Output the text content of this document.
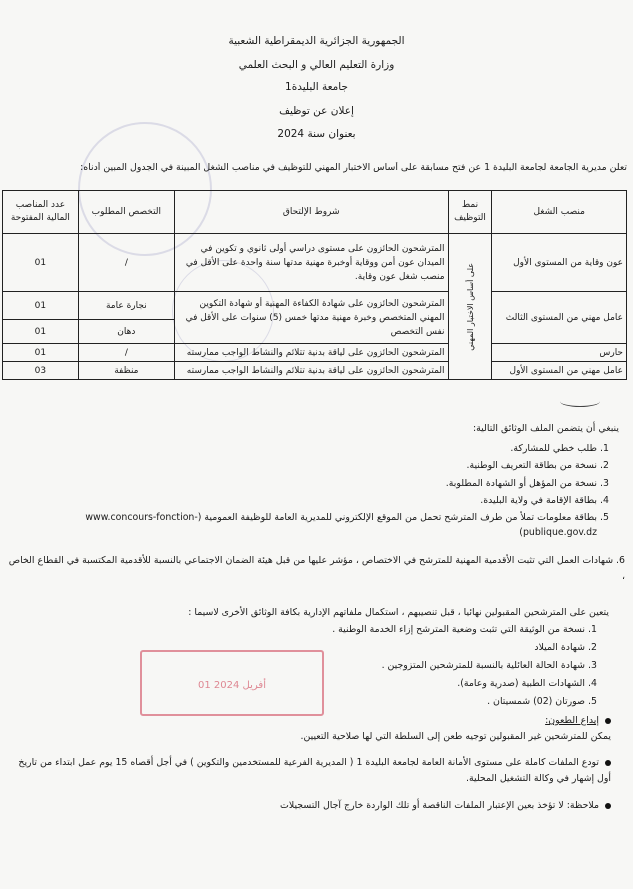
الجمهورية الجزائرية الديمقراطية الشعبية
وزارة التعليم العالي و البحث العلمي
جامعة البليدة1
إعلان عن توظيف
بعنوان سنة 2024
تعلن مديرية الجامعة لجامعة البليدة 1 عن فتح مسابقة على أساس الاختبار المهني للتوظيف في مناصب الشغل المبينة في الجدول المبين أدناه:
منصب الشغل	نمط التوظيف	شروط الإلتحاق	التخصص المطلوب	عدد المناصب المالية المفتوحة
عون وقاية من المستوى الأول	على أساس الاختبار المهني	المترشحون الحائزون على مستوى دراسي أولى ثانوي و تكوين في الميدان عون أمن ووقاية أوخبرة مهنية مدتها سنة واحدة على الأقل في منصب شغل عون وقاية.	/	01
عامل مهني من المستوى الثالث		المترشحون الحائزون على شهادة الكفاءة المهنية أو شهادة التكوين المهني المتخصص وخبرة مهنية مدتها خمس (5) سنوات على الأقل في نفس التخصص	نجارة عامة	01
			دهان	01
حارس		المترشحون الحائزون على لياقة بدنية تتلائم والنشاط الواجب ممارسته	/	01
عامل مهني من المستوى الأول		المترشحون الحائزون على لياقة بدنية تتلائم والنشاط الواجب ممارسته	منظفة	03
ينبغي أن يتضمن الملف الوثائق التالية:
1. طلب خطي للمشاركة.
2. نسخة من بطاقة التعريف الوطنية.
3. نسخة من المؤهل أو الشهادة المطلوبة.
4. بطاقة الإقامة في ولاية البليدة.
5. بطاقة معلومات تملأ من طرف المترشح تحمل من الموقع الإلكتروني للمديرية العامة للوظيفة العمومية (www.concours-fonction-publique.gov.dz)
6. شهادات العمل التي تثبت الأقدمية المهنية للمترشح في الاختصاص ، مؤشر عليها من قبل هيئة الضمان الاجتماعي بالنسبة للأقدمية المكتسبة في القطاع الخاص ،
يتعين على المترشحين المقبولين نهائيا ، قبل تنصيبهم ، استكمال ملفاتهم الإدارية بكافة الوثائق الأخرى لاسيما :
1. نسخة من الوثيقة التي تثبت وضعية المترشح إزاء الخدمة الوطنية .
2. شهادة الميلاد
3. شهادة الحالة العائلية بالنسبة للمترشحين المتزوجين .
4. الشهادات الطبية (صدرية وعامة).
5. صورتان (02) شمسيتان .
01 أفريل 2024
إيداع الطعون:
يمكن للمترشحين غير المقبولين توجيه طعن إلى السلطة التي لها صلاحية التعيين.
تودع الملفات كاملة على مستوى الأمانة العامة لجامعة البليدة 1 ( المديرية الفرعية للمستخدمين والتكوين ) في أجل أقصاه 15 يوم عمل ابتداء من تاريخ أول إشهار في وكالة التشغيل المحلية.
ملاحظة: لا تؤخذ بعين الإعتبار الملفات الناقصة أو تلك الواردة خارج آجال التسجيلات
